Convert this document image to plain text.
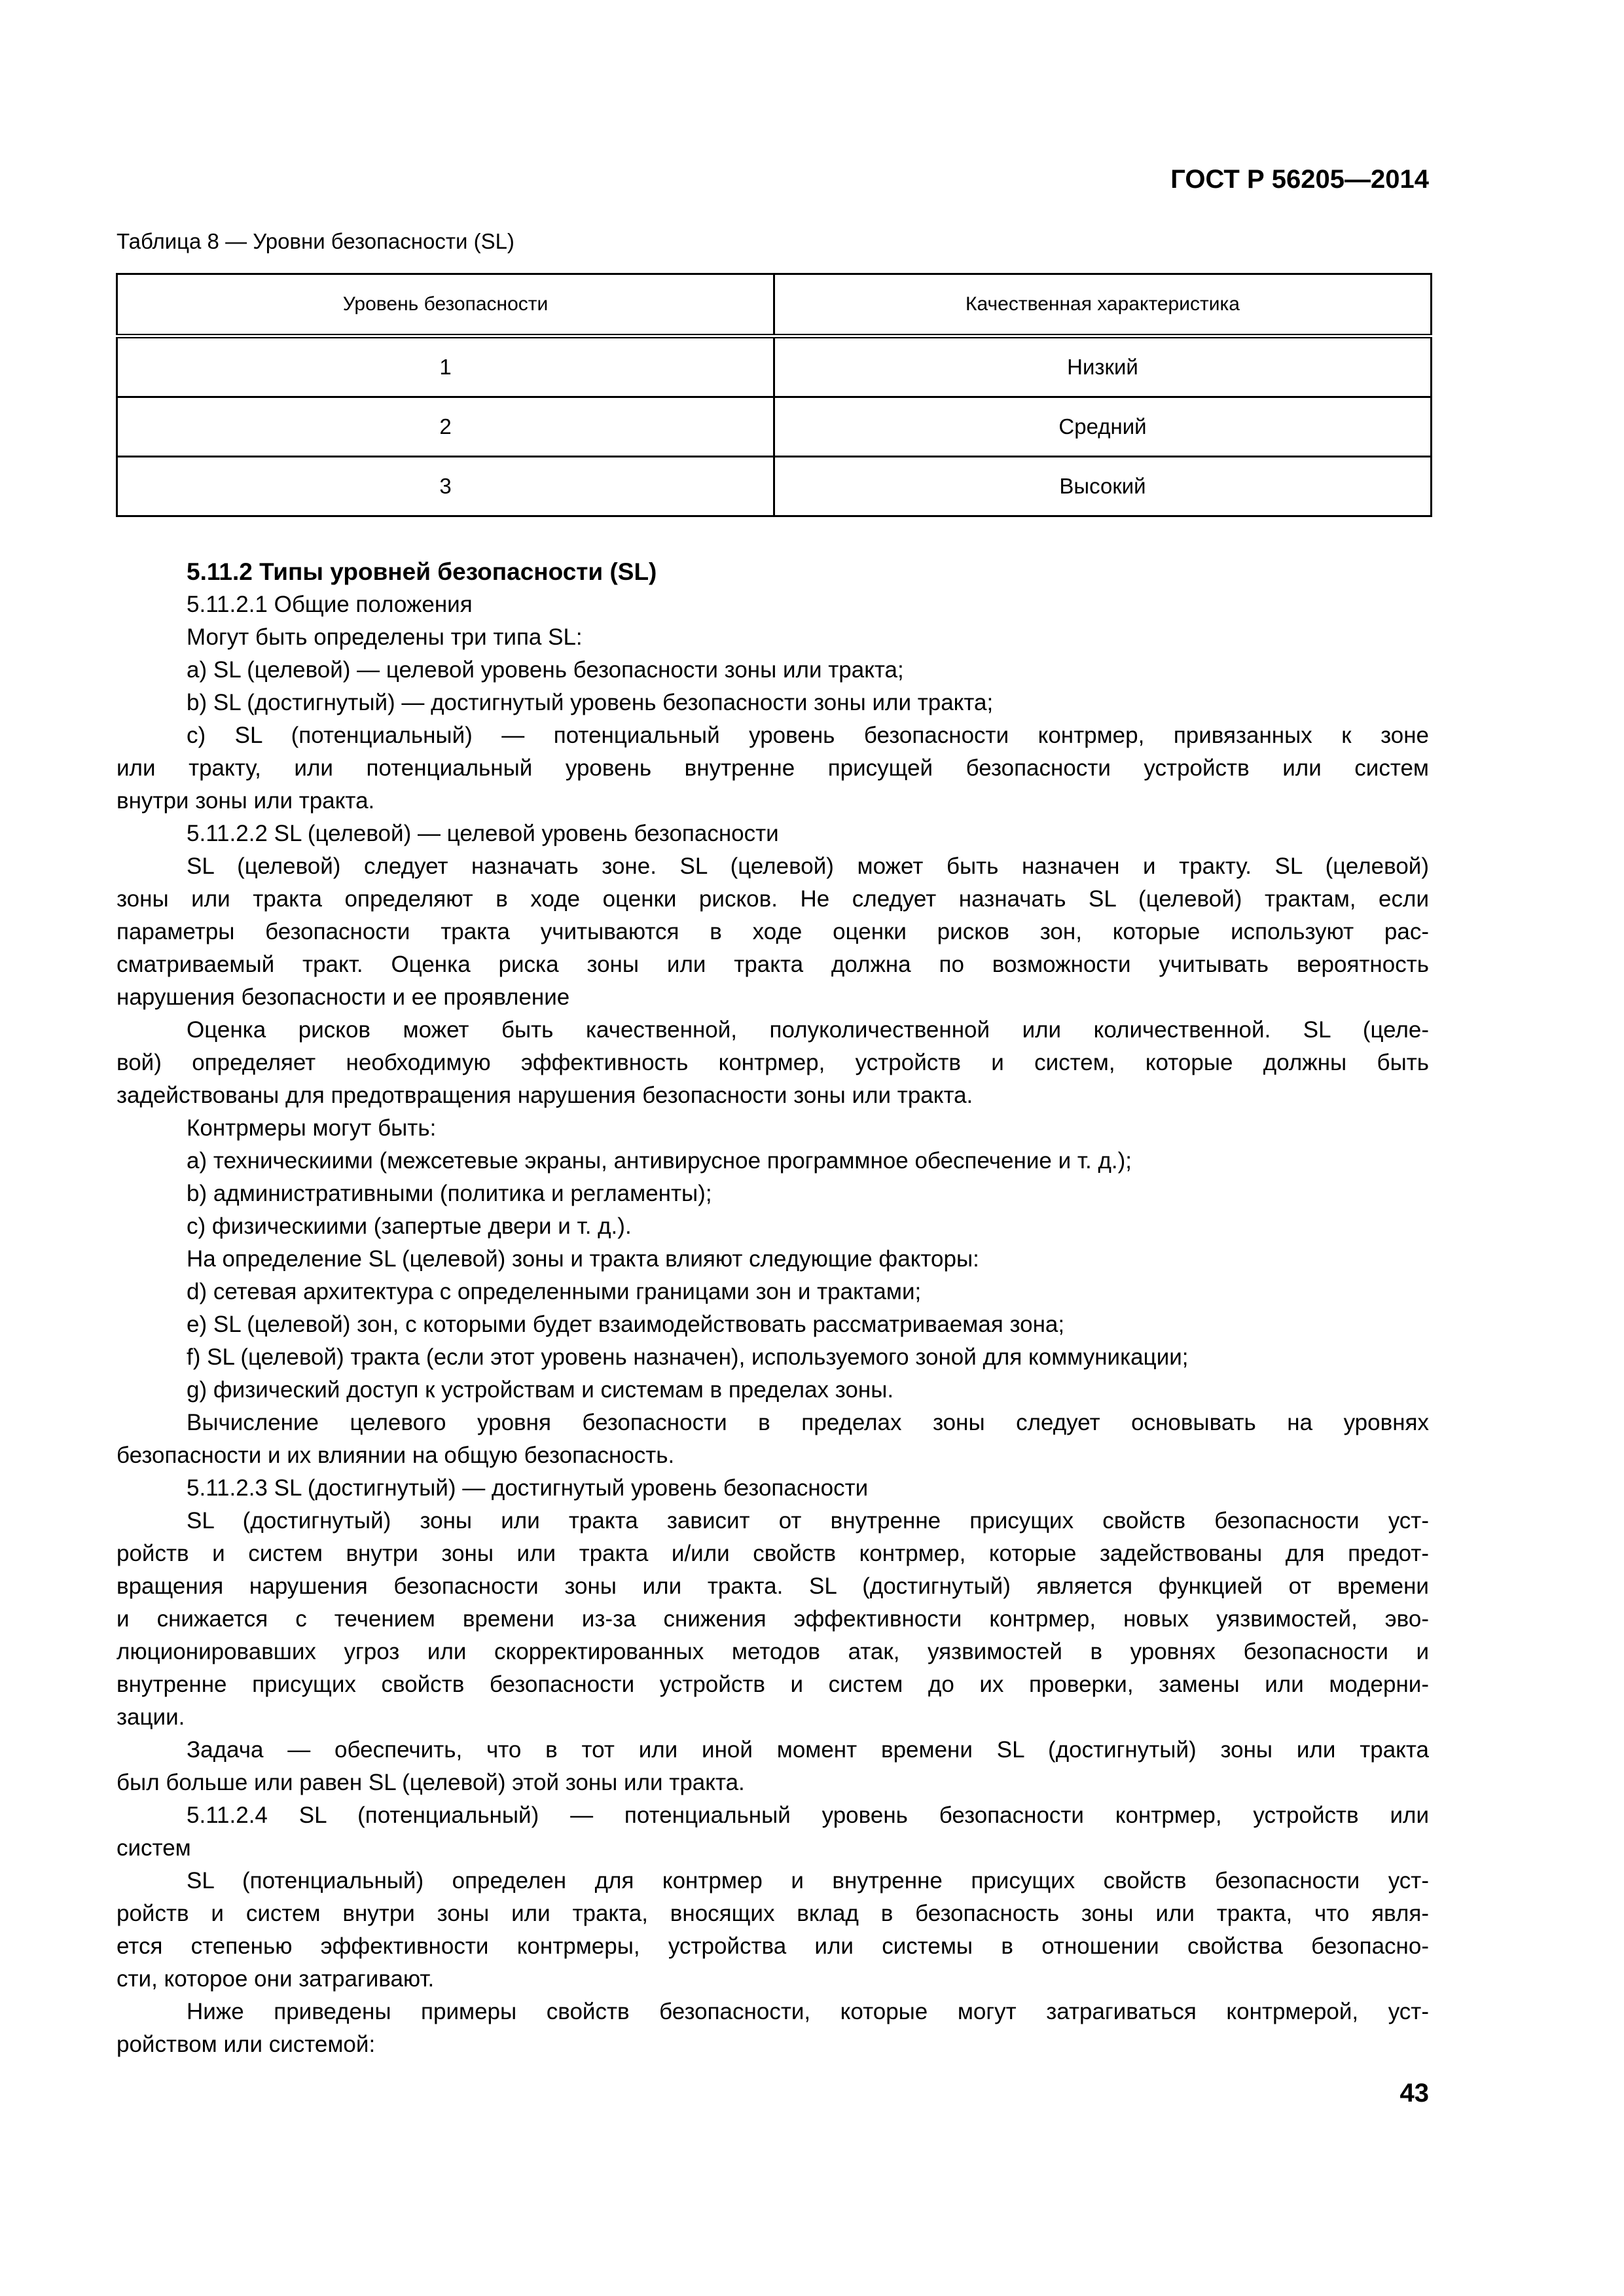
ГОСТ Р 56205—2014
Таблица 8 — Уровни безопасности (SL)
Уровень безопасности	Качественная характеристика
1	Низкий
2	Средний
3	Высокий
5.11.2 Типы уровней безопасности (SL)
5.11.2.1 Общие положения
Могут быть определены три типа SL:
a) SL (целевой) — целевой уровень безопасности зоны или тракта;
b) SL (достигнутый) — достигнутый уровень безопасности зоны или тракта;
c) SL (потенциальный) — потенциальный уровень безопасности контрмер, привязанных к зоне
или тракту, или потенциальный уровень внутренне присущей безопасности устройств или систем
внутри зоны или тракта.
5.11.2.2 SL (целевой) — целевой уровень безопасности
SL (целевой) следует назначать зоне. SL (целевой) может быть назначен и тракту. SL (целевой)
зоны или тракта определяют в ходе оценки рисков. Не следует назначать SL (целевой) трактам, если
параметры безопасности тракта учитываются в ходе оценки рисков зон, которые используют рас-
сматриваемый тракт. Оценка риска зоны или тракта должна по возможности учитывать вероятность
нарушения безопасности и ее проявление
Оценка рисков может быть качественной, полуколичественной или количественной. SL (целе-
вой) определяет необходимую эффективность контрмер, устройств и систем, которые должны быть
задействованы для предотвращения нарушения безопасности зоны или тракта.
Контрмеры могут быть:
a) техническиими (межсетевые экраны, антивирусное программное обеспечение и т. д.);
b) административными (политика и регламенты);
c) физическиими (запертые двери и т. д.).
На определение SL (целевой) зоны и тракта влияют следующие факторы:
d) сетевая архитектура с определенными границами зон и трактами;
e) SL (целевой) зон, с которыми будет взаимодействовать рассматриваемая зона;
f) SL (целевой) тракта (если этот уровень назначен), используемого зоной для коммуникации;
g) физический доступ к устройствам и системам в пределах зоны.
Вычисление целевого уровня безопасности в пределах зоны следует основывать на уровнях
безопасности и их влиянии на общую безопасность.
5.11.2.3 SL (достигнутый) — достигнутый уровень безопасности
SL (достигнутый) зоны или тракта зависит от внутренне присущих свойств безопасности уст-
ройств и систем внутри зоны или тракта и/или свойств контрмер, которые задействованы для предот-
вращения нарушения безопасности зоны или тракта. SL (достигнутый) является функцией от времени
и снижается с течением времени из-за снижения эффективности контрмер, новых уязвимостей, эво-
люционировавших угроз или скорректированных методов атак, уязвимостей в уровнях безопасности и
внутренне присущих свойств безопасности устройств и систем до их проверки, замены или модерни-
зации.
Задача — обеспечить, что в тот или иной момент времени SL (достигнутый) зоны или тракта
был больше или равен SL (целевой) этой зоны или тракта.
5.11.2.4 SL (потенциальный) — потенциальный уровень безопасности контрмер, устройств или
систем
SL (потенциальный) определен для контрмер и внутренне присущих свойств безопасности уст-
ройств и систем внутри зоны или тракта, вносящих вклад в безопасность зоны или тракта, что явля-
ется степенью эффективности контрмеры, устройства или системы в отношении свойства безопасно-
сти, которое они затрагивают.
Ниже приведены примеры свойств безопасности, которые могут затрагиваться контрмерой, уст-
ройством или системой:
43
